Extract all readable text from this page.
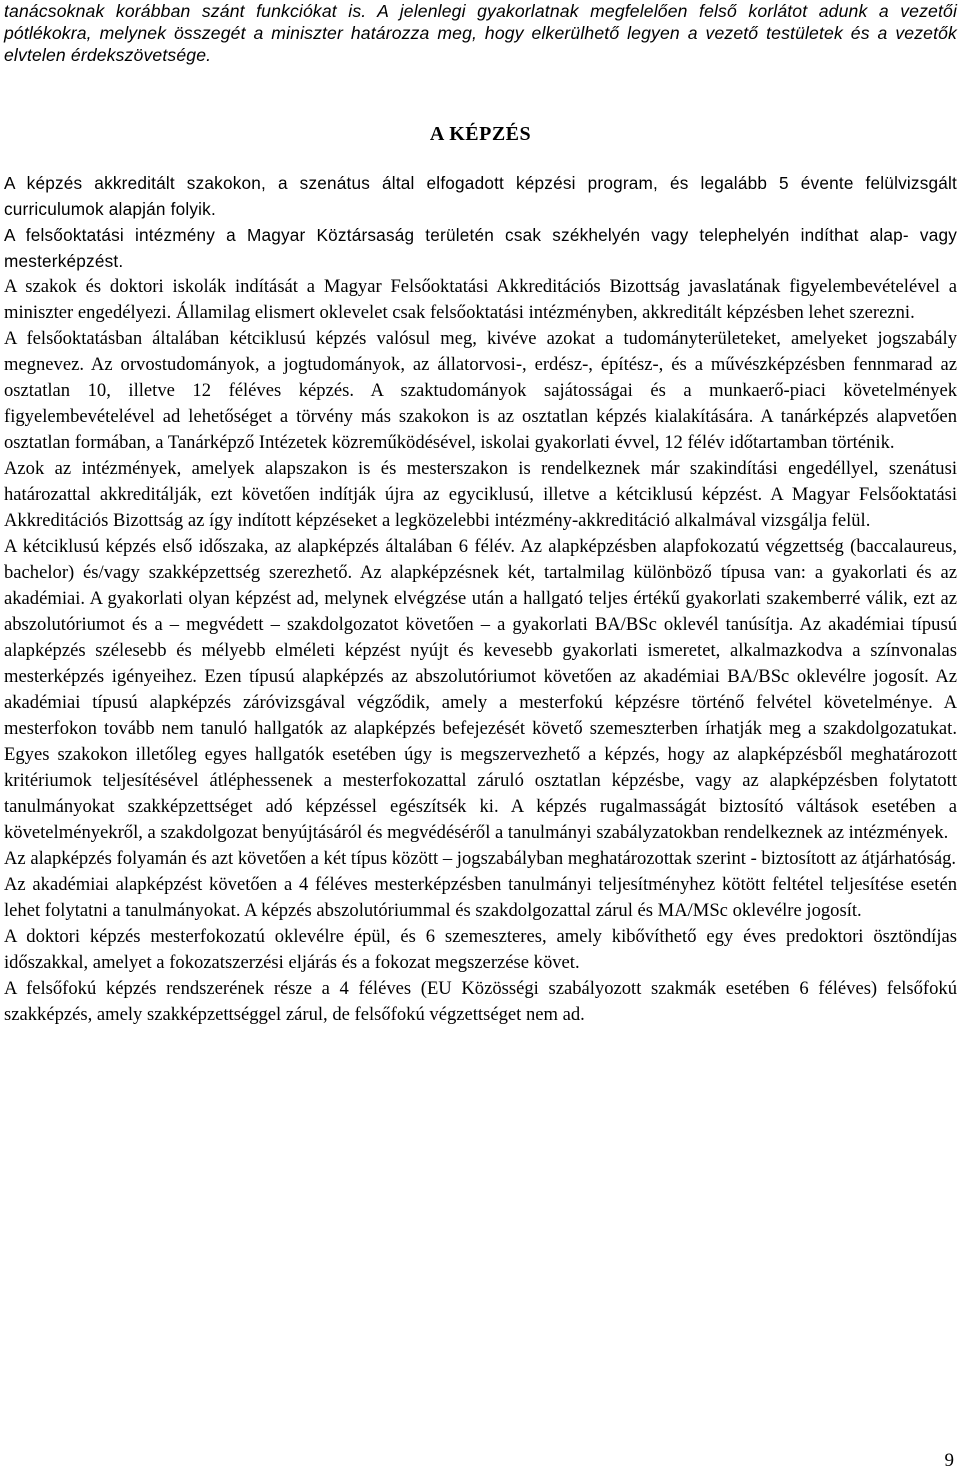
tanácsoknak korábban szánt funkciókat is. A jelenlegi gyakorlatnak megfelelően felső korlátot adunk a vezetői pótlékokra, melynek összegét a miniszter határozza meg, hogy elkerülhető legyen a vezető testületek és a vezetők elvtelen érdekszövetsége.

A KÉPZÉS

A képzés akkreditált szakokon, a szenátus által elfogadott képzési program, és legalább 5 évente felülvizsgált curriculumok alapján folyik.

A felsőoktatási intézmény a Magyar Köztársaság területén csak székhelyén vagy telephelyén indíthat alap- vagy mesterképzést.

A szakok és doktori iskolák indítását a Magyar Felsőoktatási Akkreditációs Bizottság javaslatának figyelembevételével a miniszter engedélyezi. Államilag elismert oklevelet csak felsőoktatási intézményben, akkreditált képzésben lehet szerezni.

A felsőoktatásban általában kétciklusú képzés valósul meg, kivéve azokat a tudományterületeket, amelyeket jogszabály megnevez. Az orvostudományok, a jogtudományok, az állatorvosi-, erdész-, építész-, és a művészképzésben fennmarad az osztatlan 10, illetve 12 féléves képzés. A szaktudományok sajátosságai és a munkaerő-piaci követelmények figyelembevételével ad lehetőséget a törvény más szakokon is az osztatlan képzés kialakítására. A tanárképzés alapvetően osztatlan formában, a Tanárképző Intézetek közreműködésével, iskolai gyakorlati évvel, 12 félév időtartamban történik.

Azok az intézmények, amelyek alapszakon is és mesterszakon is rendelkeznek már szakindítási engedéllyel, szenátusi határozattal akkreditálják, ezt követően indítják újra az egyciklusú, illetve a kétciklusú képzést. A Magyar Felsőoktatási Akkreditációs Bizottság az így indított képzéseket a legközelebbi intézmény-akkreditáció alkalmával vizsgálja felül.

A kétciklusú képzés első időszaka, az alapképzés általában 6 félév. Az alapképzésben alapfokozatú végzettség (baccalaureus, bachelor) és/vagy szakképzettség szerezhető. Az alapképzésnek két, tartalmilag különböző típusa van: a gyakorlati és az akadémiai. A gyakorlati olyan képzést ad, melynek elvégzése után a hallgató teljes értékű gyakorlati szakemberré válik, ezt az abszolutóriumot és a – megvédett – szakdolgozatot követően – a gyakorlati BA/BSc oklevél tanúsítja. Az akadémiai típusú alapképzés szélesebb és mélyebb elméleti képzést nyújt és kevesebb gyakorlati ismeretet, alkalmazkodva a színvonalas mesterképzés igényeihez. Ezen típusú alapképzés az abszolutóriumot követően az akadémiai BA/BSc oklevélre jogosít. Az akadémiai típusú alapképzés záróvizsgával végződik, amely a mesterfokú képzésre történő felvétel követelménye. A mesterfokon tovább nem tanuló hallgatók az alapképzés befejezését követő szemeszterben írhatják meg a szakdolgozatukat. Egyes szakokon illetőleg egyes hallgatók esetében úgy is megszervezhető a képzés, hogy az alapképzésből meghatározott kritériumok teljesítésével átléphessenek a mesterfokozattal záruló osztatlan képzésbe, vagy az alapképzésben folytatott tanulmányokat szakképzettséget adó képzéssel egészítsék ki. A képzés rugalmasságát biztosító váltások esetében a követelményekről, a szakdolgozat benyújtásáról és megvédéséről a tanulmányi szabályzatokban rendelkeznek az intézmények.

Az alapképzés folyamán és azt követően a két típus között – jogszabályban meghatározottak szerint - biztosított az átjárhatóság.

Az akadémiai alapképzést követően a 4 féléves mesterképzésben tanulmányi teljesítményhez kötött feltétel teljesítése esetén lehet folytatni a tanulmányokat. A képzés abszolutóriummal és szakdolgozattal zárul és MA/MSc oklevélre jogosít.

A doktori képzés mesterfokozatú oklevélre épül, és 6 szemeszteres, amely kibővíthető egy éves predoktori ösztöndíjas időszakkal, amelyet a fokozatszerzési eljárás és a fokozat megszerzése követ.

A felsőfokú képzés rendszerének része a 4 féléves (EU Közösségi szabályozott szakmák esetében 6 féléves) felsőfokú szakképzés, amely szakképzettséggel zárul, de felsőfokú végzettséget nem ad.

9
